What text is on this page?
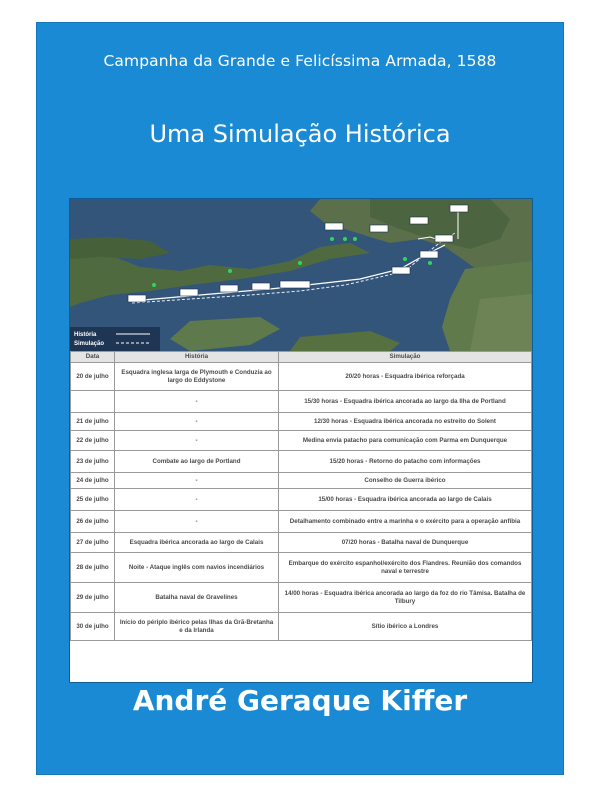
Campanha da Grande e Felicíssima Armada, 1588
Uma Simulação Histórica
História
Simulação
Data	História	Simulação
20 de julho	Esquadra inglesa larga de Plymouth e Conduzia ao largo do Eddystone	20/20 horas - Esquadra ibérica reforçada
	-	15/30 horas - Esquadra ibérica ancorada ao largo da Ilha de Portland
21 de julho	-	12/30 horas - Esquadra ibérica ancorada no estreito do Solent
22 de julho	-	Medina envia patacho para comunicação com Parma em Dunquerque
23 de julho	Combate ao largo de Portland	15/20 horas - Retorno do patacho com informações
24 de julho	-	Conselho de Guerra ibérico
25 de julho	-	15/00 horas - Esquadra ibérica ancorada ao largo de Calais
26 de julho	-	Detalhamento combinado entre a marinha e o exército para a operação anfíbia
27 de julho	Esquadra ibérica ancorada ao largo de Calais	07/20 horas - Batalha naval de Dunquerque
28 de julho	Noite - Ataque inglês com navios incendiários	Embarque do exército espanhol/exército dos Flandres. Reunião dos comandos naval e terrestre
29 de julho	Batalha naval de Gravelines	14/00 horas - Esquadra ibérica ancorada ao largo da foz do rio Tâmisa. Batalha de Tilbury
30 de julho	Início do périplo ibérico pelas Ilhas da Grã-Bretanha e da Irlanda	Sítio ibérico a Londres
André Geraque Kiffer
